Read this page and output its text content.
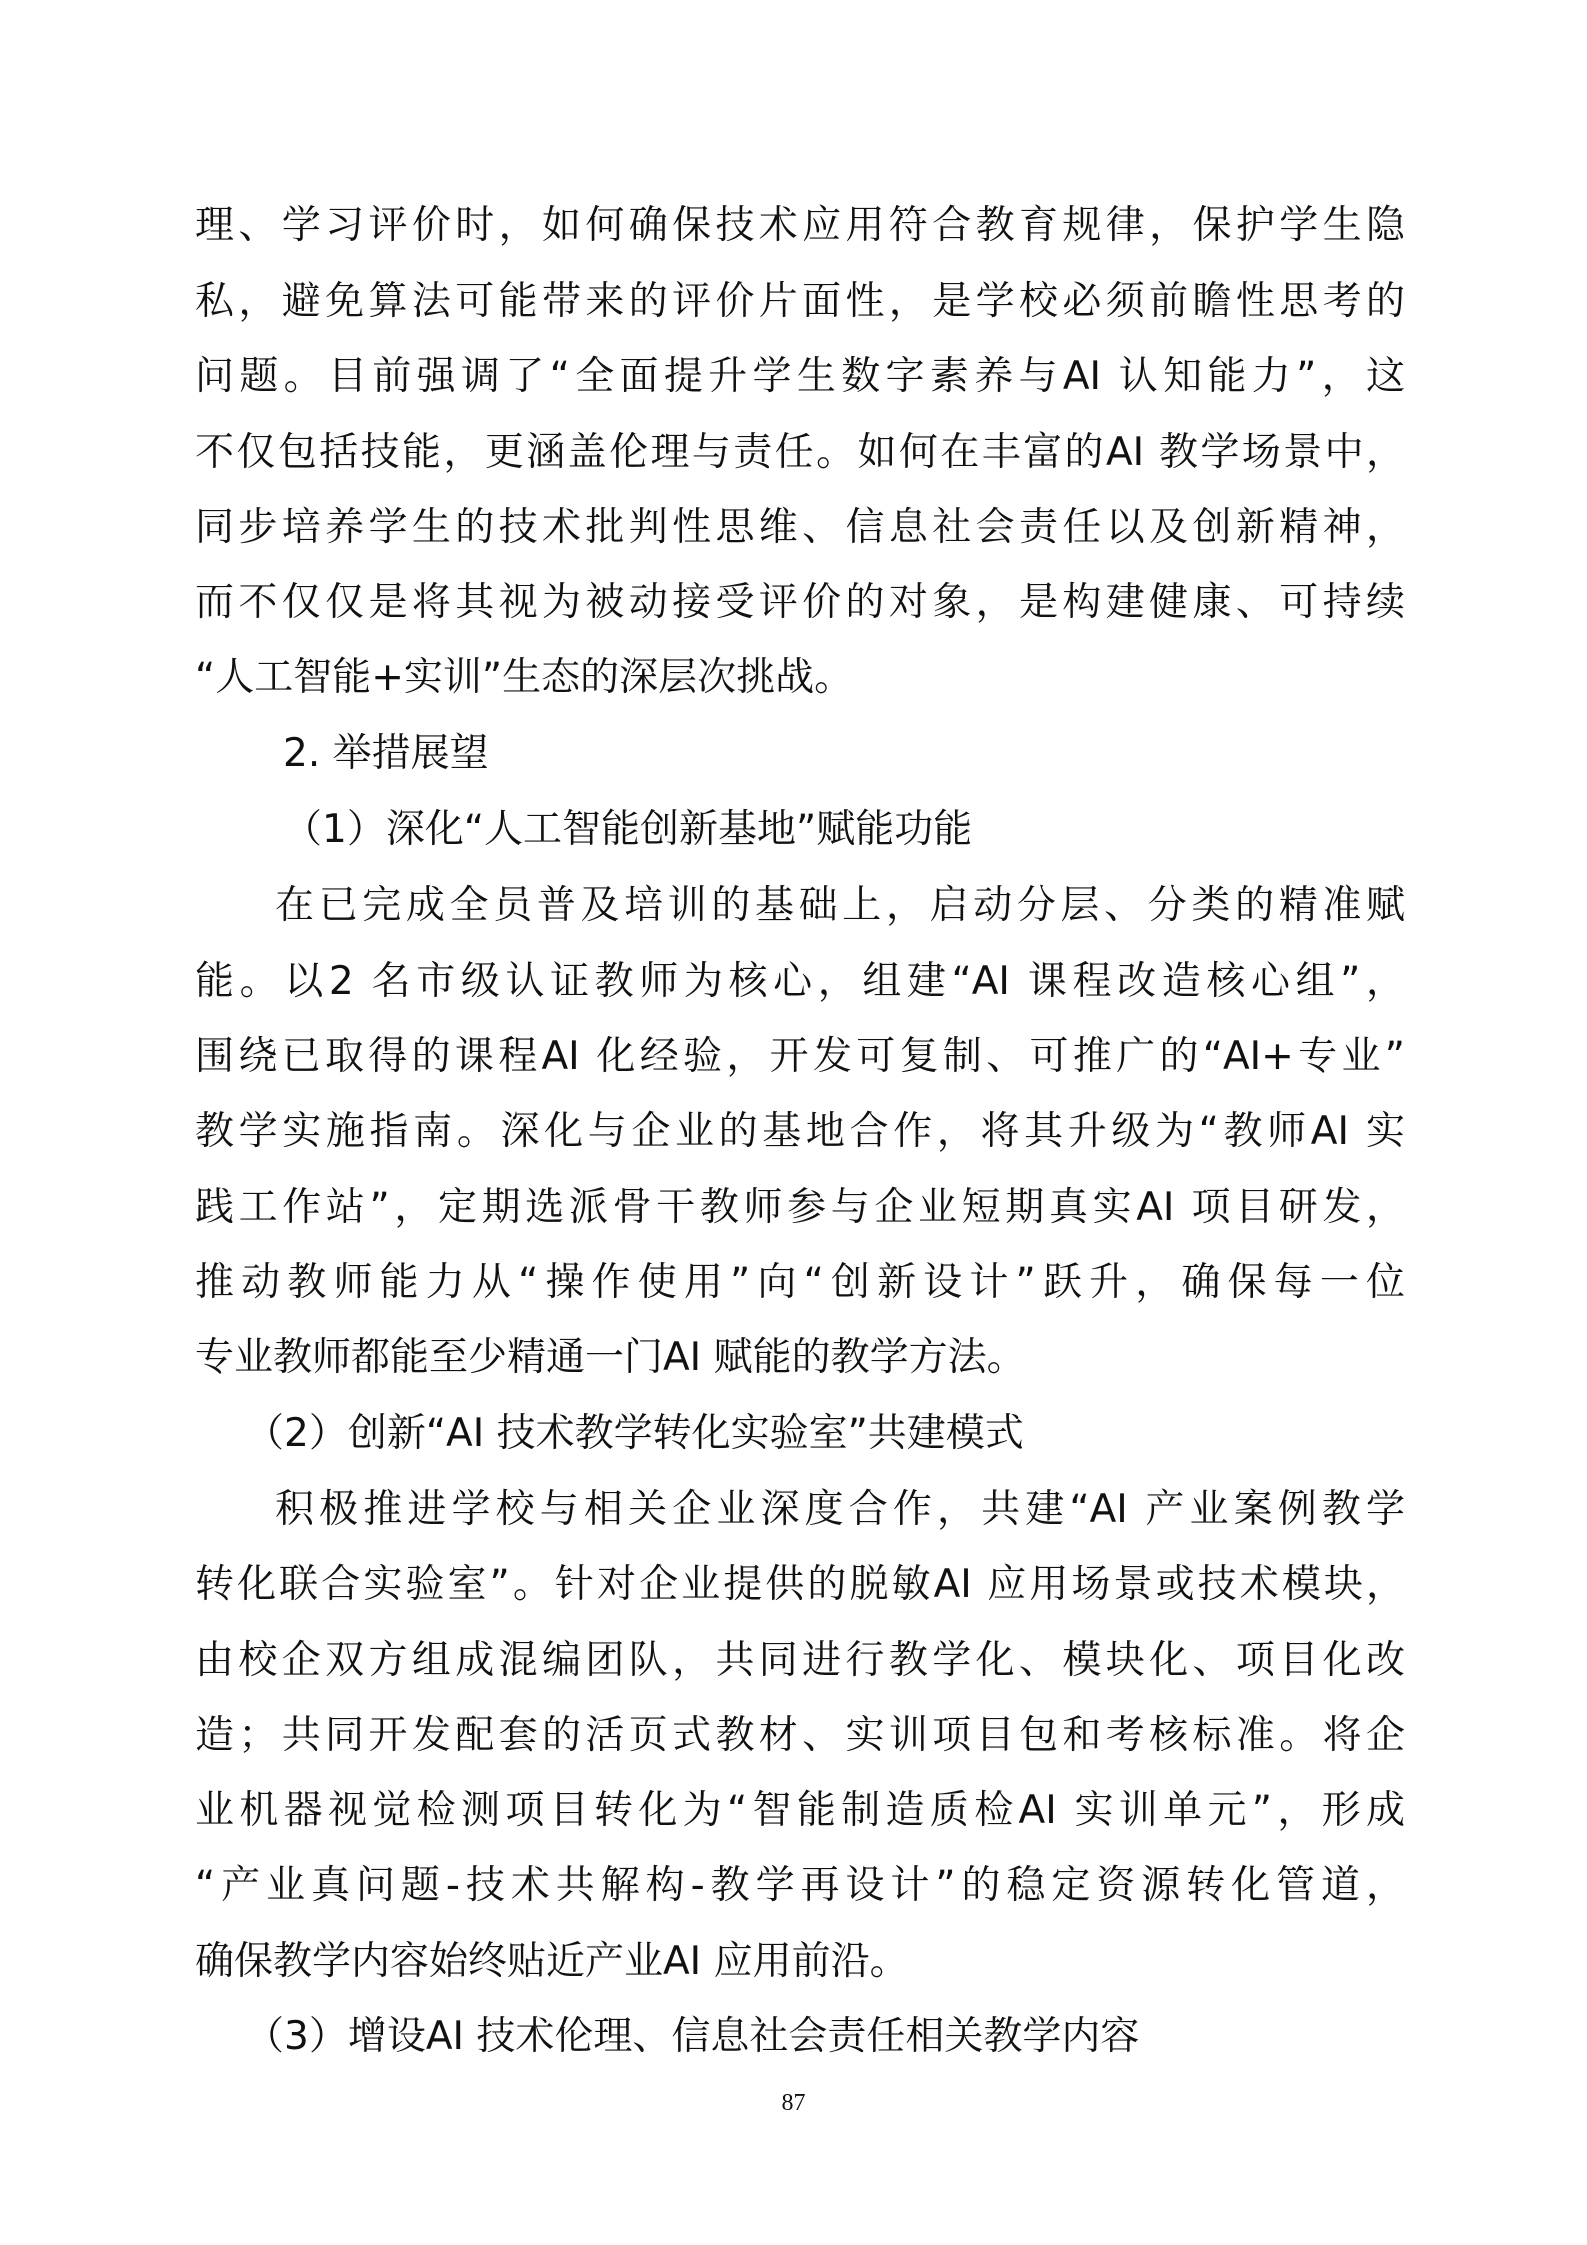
理、学习评价时，如何确保技术应用符合教育规律，保护学生隐
私，避免算法可能带来的评价片面性，是学校必须前瞻性思考的
问题。目前强调了“全面提升学生数字素养与AI 认知能力”，这
不仅包括技能，更涵盖伦理与责任。如何在丰富的AI 教学场景中，
同步培养学生的技术批判性思维、信息社会责任以及创新精神，
而不仅仅是将其视为被动接受评价的对象，是构建健康、可持续
“人工智能+实训”生态的深层次挑战。
2. 举措展望
（1）深化“人工智能创新基地”赋能功能
在已完成全员普及培训的基础上，启动分层、分类的精准赋
能。以2 名市级认证教师为核心，组建“AI 课程改造核心组”，
围绕已取得的课程AI 化经验，开发可复制、可推广的“AI+专业”
教学实施指南。深化与企业的基地合作，将其升级为“教师AI 实
践工作站”，定期选派骨干教师参与企业短期真实AI 项目研发，
推动教师能力从“操作使用”向“创新设计”跃升，确保每一位
专业教师都能至少精通一门AI 赋能的教学方法。
（2）创新“AI 技术教学转化实验室”共建模式
积极推进学校与相关企业深度合作，共建“AI 产业案例教学
转化联合实验室”。针对企业提供的脱敏AI 应用场景或技术模块，
由校企双方组成混编团队，共同进行教学化、模块化、项目化改
造；共同开发配套的活页式教材、实训项目包和考核标准。将企
业机器视觉检测项目转化为“智能制造质检AI 实训单元”，形成
“产业真问题-技术共解构-教学再设计”的稳定资源转化管道，
确保教学内容始终贴近产业AI 应用前沿。
（3）增设AI 技术伦理、信息社会责任相关教学内容
87
